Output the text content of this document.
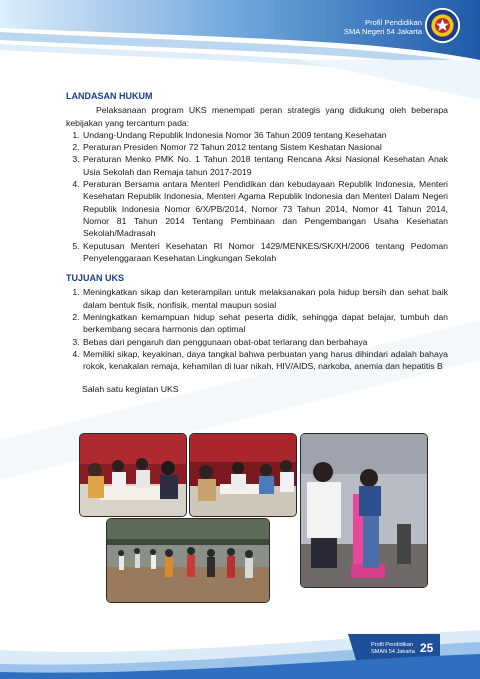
Profil Pendidikan
SMA Negeri 54 Jakarta
LANDASAN HUKUM

Pelaksanaan program UKS menempati peran strategis yang didukung oleh beberapa kebijakan yang tercantum pada:

1. Undang-Undang Republik Indonesia Nomor 36 Tahun 2009 tentang Kesehatan
2. Peraturan Presiden Nomor 72 Tahun 2012 tentang Sistem Keshatan Nasional
3. Peraturan Menko PMK No. 1 Tahun 2018 tentang Rencana Aksi Nasional Kesehatan Anak Usia Sekolah dan Remaja tahun 2017-2019
4. Peraturan Bersama antara Menteri Pendidikan dan kebudayaan Republik Indonesia, Menteri Kesehatan Republik Indonesia, Menteri Agama Republik Indonesia dan Menteri Dalam Negeri Republik Indonesia Nomor 6/X/PB/2014, Nomor 73 Tahun 2014, Nomor 41 Tahun 2014, Nomor 81 Tahun 2014 Tentang Pembinaan dan Pengembangan Usaha Kesehatan Sekolah/Madrasah
5. Keputusan Menteri Kesehatan RI Nomor 1429/MENKES/SK/XH/2006 tentang Pedoman Penyelenggaraan Kesehatan Lingkungan Sekolah
TUJUAN UKS
1. Meningkatkan sikap dan keterampilan untuk melaksanakan pola hidup bersih dan sehat baik dalam bentuk fisik, nonfisik, mental maupun sosial
2. Meningkatkan kemampuan hidup sehat peserta didik, sehingga dapat belajar, tumbuh dan berkembang secara harmonis dan optimal
3. Bebas dari pengaruh dan penggunaan obat-obat terlarang dan berbahaya
4. Memiliki sikap, keyakinan, daya tangkal bahwa perbuatan yang harus dihindari adalah bahaya rokok, kenakalan remaja, kehamilan di luar nikah, HIV/AIDS, narkoba, anemia dan hepatitis B
Salah satu kegiatan UKS
Profil Pendidikan
SMAN 54 Jakarta 25
